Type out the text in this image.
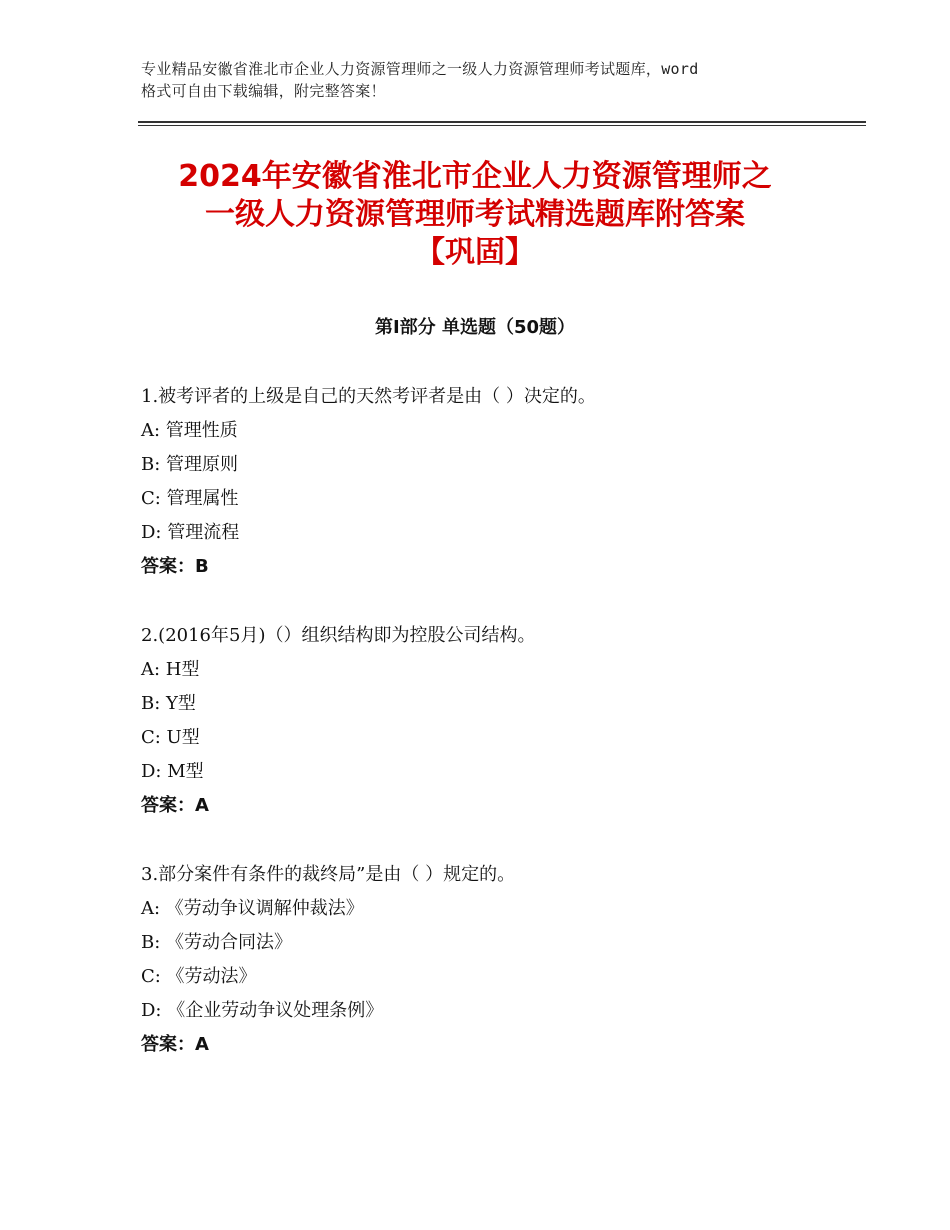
专业精品安徽省淮北市企业人力资源管理师之一级人力资源管理师考试题库，word
格式可自由下载编辑，附完整答案！
2024年安徽省淮北市企业人力资源管理师之
一级人力资源管理师考试精选题库附答案
【巩固】
第Ⅰ部分 单选题（50题）
1.被考评者的上级是自己的天然考评者是由（ ）决定的。
A: 管理性质
B: 管理原则
C: 管理属性
D: 管理流程
答案：B
2.(2016年5月)（）组织结构即为控股公司结构。
A: H型
B: Y型
C: U型
D: M型
答案：A
3.部分案件有条件的裁终局”是由（ ）规定的。
A: 《劳动争议调解仲裁法》
B: 《劳动合同法》
C: 《劳动法》
D: 《企业劳动争议处理条例》
答案：A
